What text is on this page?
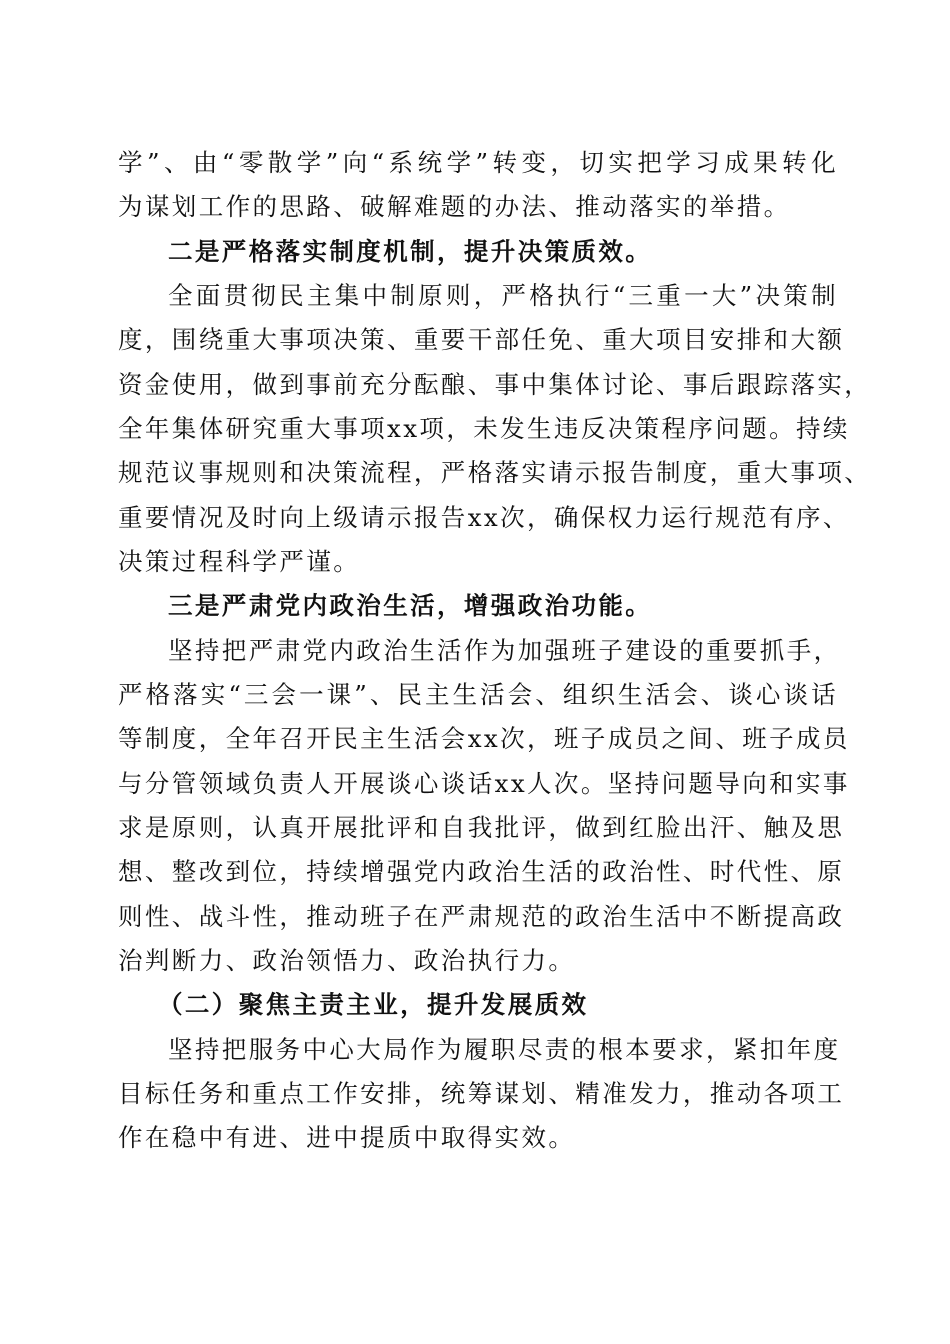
学”、由“零散学”向“系统学”转变，切实把学习成果转化
为谋划工作的思路、破解难题的办法、推动落实的举措。
二是严格落实制度机制，提升决策质效。
全面贯彻民主集中制原则，严格执行“三重一大”决策制
度，围绕重大事项决策、重要干部任免、重大项目安排和大额
资金使用，做到事前充分酝酿、事中集体讨论、事后跟踪落实，
全年集体研究重大事项xx项，未发生违反决策程序问题。持续
规范议事规则和决策流程，严格落实请示报告制度，重大事项、
重要情况及时向上级请示报告xx次，确保权力运行规范有序、
决策过程科学严谨。
三是严肃党内政治生活，增强政治功能。
坚持把严肃党内政治生活作为加强班子建设的重要抓手，
严格落实“三会一课”、民主生活会、组织生活会、谈心谈话
等制度，全年召开民主生活会xx次，班子成员之间、班子成员
与分管领域负责人开展谈心谈话xx人次。坚持问题导向和实事
求是原则，认真开展批评和自我批评，做到红脸出汗、触及思
想、整改到位，持续增强党内政治生活的政治性、时代性、原
则性、战斗性，推动班子在严肃规范的政治生活中不断提高政
治判断力、政治领悟力、政治执行力。
（二）聚焦主责主业，提升发展质效
坚持把服务中心大局作为履职尽责的根本要求，紧扣年度
目标任务和重点工作安排，统筹谋划、精准发力，推动各项工
作在稳中有进、进中提质中取得实效。
